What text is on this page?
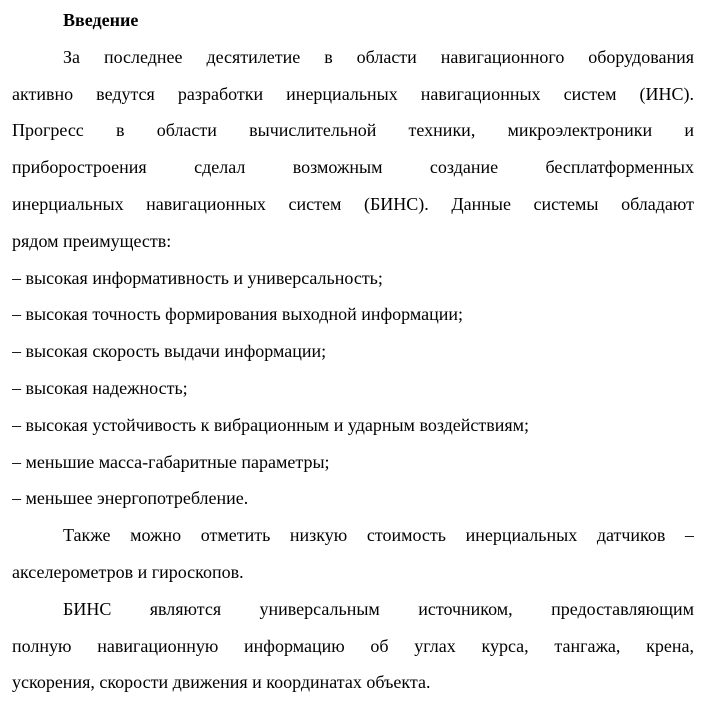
Введение
За последнее десятилетие в области навигационного оборудования
активно ведутся разработки инерциальных навигационных систем (ИНС).
Прогресс в области вычислительной техники, микроэлектроники и
приборостроения сделал возможным создание бесплатформенных
инерциальных навигационных систем (БИНС). Данные системы обладают
рядом преимуществ:
– высокая информативность и универсальность;
– высокая точность формирования выходной информации;
– высокая скорость выдачи информации;
– высокая надежность;
– высокая устойчивость к вибрационным и ударным воздействиям;
– меньшие масса-габаритные параметры;
– меньшее энергопотребление.
Также можно отметить низкую стоимость инерциальных датчиков –
акселерометров и гироскопов.
БИНС являются универсальным источником, предоставляющим
полную навигационную информацию об углах курса, тангажа, крена,
ускорения, скорости движения и координатах объекта.
